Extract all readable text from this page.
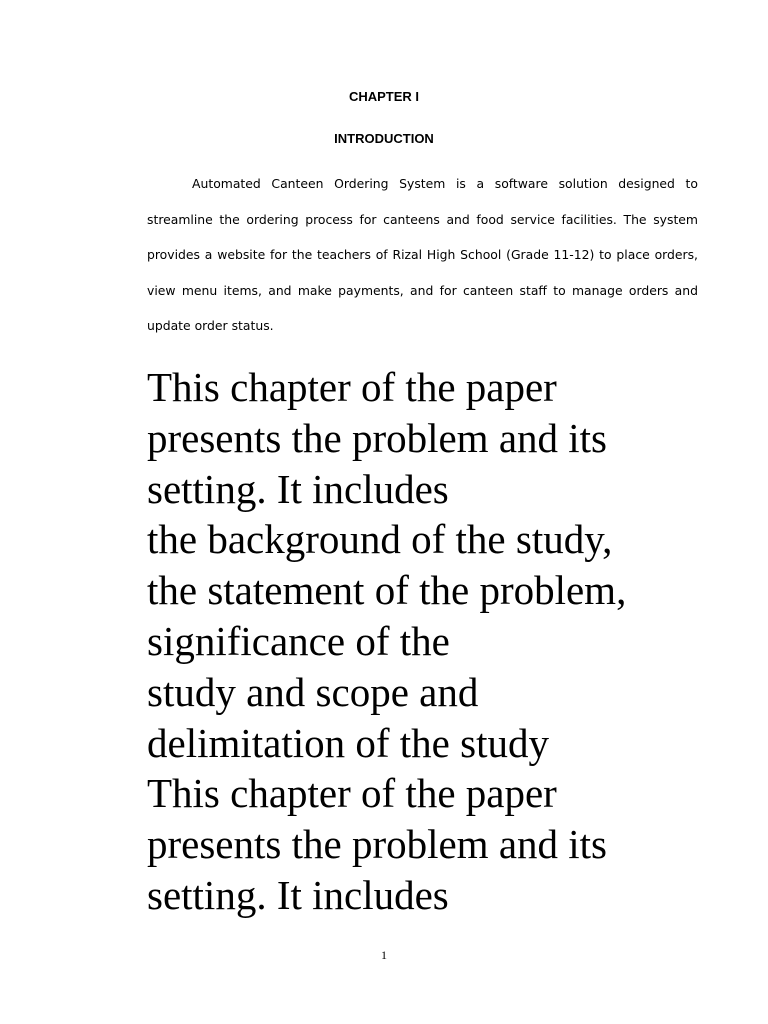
CHAPTER I
INTRODUCTION

Automated Canteen Ordering System is a software solution designed to streamline the ordering process for canteens and food service facilities. The system provides a website for the teachers of Rizal High School (Grade 11-12) to place orders, view menu items, and make payments, and for canteen staff to manage orders and update order status.

This chapter of the paper
presents the problem and its
setting. It includes
the background of the study,
the statement of the problem,
significance of the
study and scope and
delimitation of the study
This chapter of the paper
presents the problem and its
setting. It includes
1
